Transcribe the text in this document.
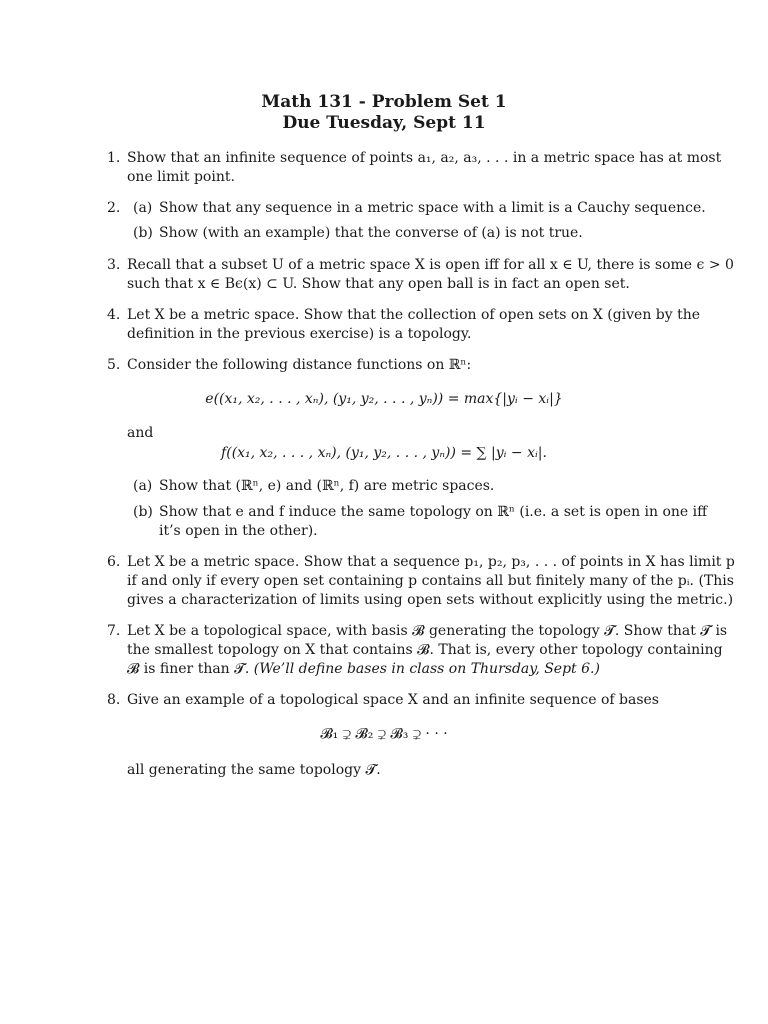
Math 131 - Problem Set 1
Due Tuesday, Sept 11
1. Show that an infinite sequence of points a₁, a₂, a₃, . . . in a metric space has at most
one limit point.
2. (a) Show that any sequence in a metric space with a limit is a Cauchy sequence.
(b) Show (with an example) that the converse of (a) is not true.
3. Recall that a subset U of a metric space X is open iff for all x ∈ U, there is some ϵ > 0
such that x ∈ Bϵ(x) ⊂ U. Show that any open ball is in fact an open set.
4. Let X be a metric space. Show that the collection of open sets on X (given by the
definition in the previous exercise) is a topology.
5. Consider the following distance functions on ℝⁿ:
e((x₁, x₂, . . . , xₙ), (y₁, y₂, . . . , yₙ)) = max{|yᵢ − xᵢ|}
and
f((x₁, x₂, . . . , xₙ), (y₁, y₂, . . . , yₙ)) = ∑ |yᵢ − xᵢ|.
(a) Show that (ℝⁿ, e) and (ℝⁿ, f) are metric spaces.
(b) Show that e and f induce the same topology on ℝⁿ (i.e. a set is open in one iff
it’s open in the other).
6. Let X be a metric space. Show that a sequence p₁, p₂, p₃, . . . of points in X has limit p
if and only if every open set containing p contains all but finitely many of the pᵢ. (This
gives a characterization of limits using open sets without explicitly using the metric.)
7. Let X be a topological space, with basis 𝓑 generating the topology 𝓣. Show that 𝓣 is
the smallest topology on X that contains 𝓑. That is, every other topology containing
𝓑 is finer than 𝓣. (We’ll define bases in class on Thursday, Sept 6.)
8. Give an example of a topological space X and an infinite sequence of bases
𝓑₁ ⊋ 𝓑₂ ⊋ 𝓑₃ ⊋ · · ·
all generating the same topology 𝓣.
